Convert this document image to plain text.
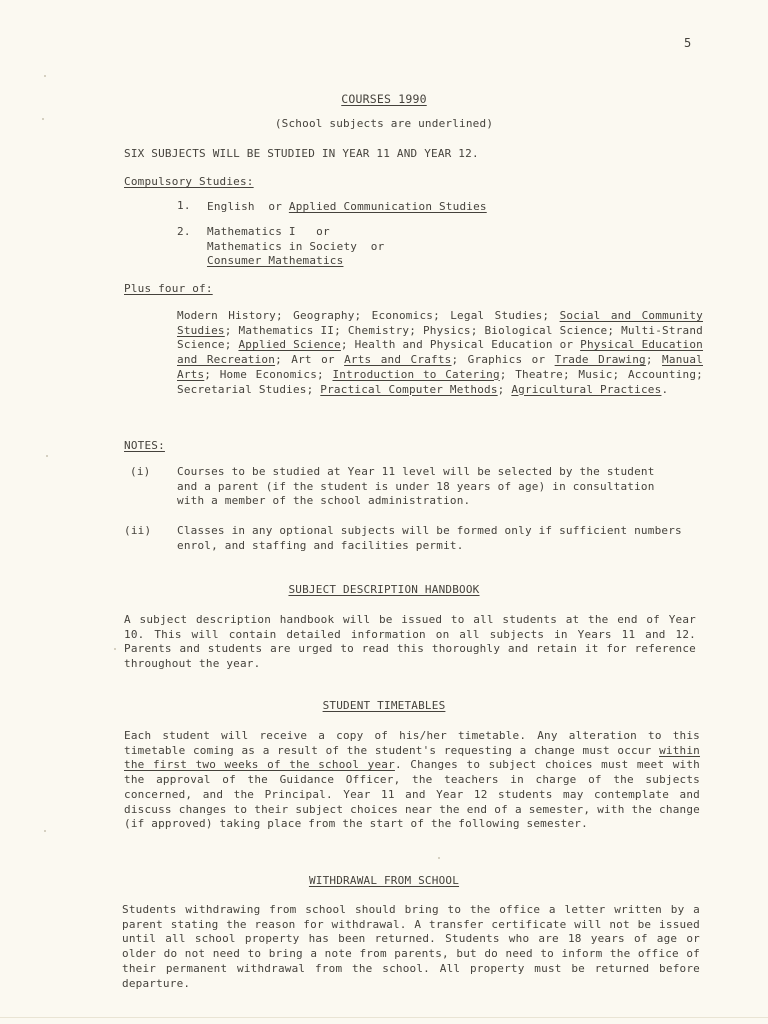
5
COURSES 1990
(School subjects are underlined)
SIX SUBJECTS WILL BE STUDIED IN YEAR 11 AND YEAR 12.
Compulsory Studies:
1. English  or Applied Communication Studies
2. Mathematics I   or
Mathematics in Society  or
Consumer Mathematics
Plus four of:
Modern History; Geography; Economics; Legal Studies; Social and Community Studies; Mathematics II; Chemistry; Physics; Biological Science; Multi-Strand Science; Applied Science; Health and Physical Education or Physical Education and Recreation; Art or Arts and Crafts; Graphics or Trade Drawing; Manual Arts; Home Economics; Introduction to Catering; Theatre; Music; Accounting; Secretarial Studies; Practical Computer Methods; Agricultural Practices.
NOTES:
(i) Courses to be studied at Year 11 level will be selected by the student and a parent (if the student is under 18 years of age) in consultation with a member of the school administration.
(ii) Classes in any optional subjects will be formed only if sufficient numbers enrol, and staffing and facilities permit.
SUBJECT DESCRIPTION HANDBOOK
A subject description handbook will be issued to all students at the end of Year 10. This will contain detailed information on all subjects in Years 11 and 12. Parents and students are urged to read this thoroughly and retain it for reference throughout the year.
STUDENT TIMETABLES
Each student will receive a copy of his/her timetable. Any alteration to this timetable coming as a result of the student's requesting a change must occur within the first two weeks of the school year. Changes to subject choices must meet with the approval of the Guidance Officer, the teachers in charge of the subjects concerned, and the Principal. Year 11 and Year 12 students may contemplate and discuss changes to their subject choices near the end of a semester, with the change (if approved) taking place from the start of the following semester.
WITHDRAWAL FROM SCHOOL
Students withdrawing from school should bring to the office a letter written by a parent stating the reason for withdrawal. A transfer certificate will not be issued until all school property has been returned. Students who are 18 years of age or older do not need to bring a note from parents, but do need to inform the office of their permanent withdrawal from the school. All property must be returned before departure.
